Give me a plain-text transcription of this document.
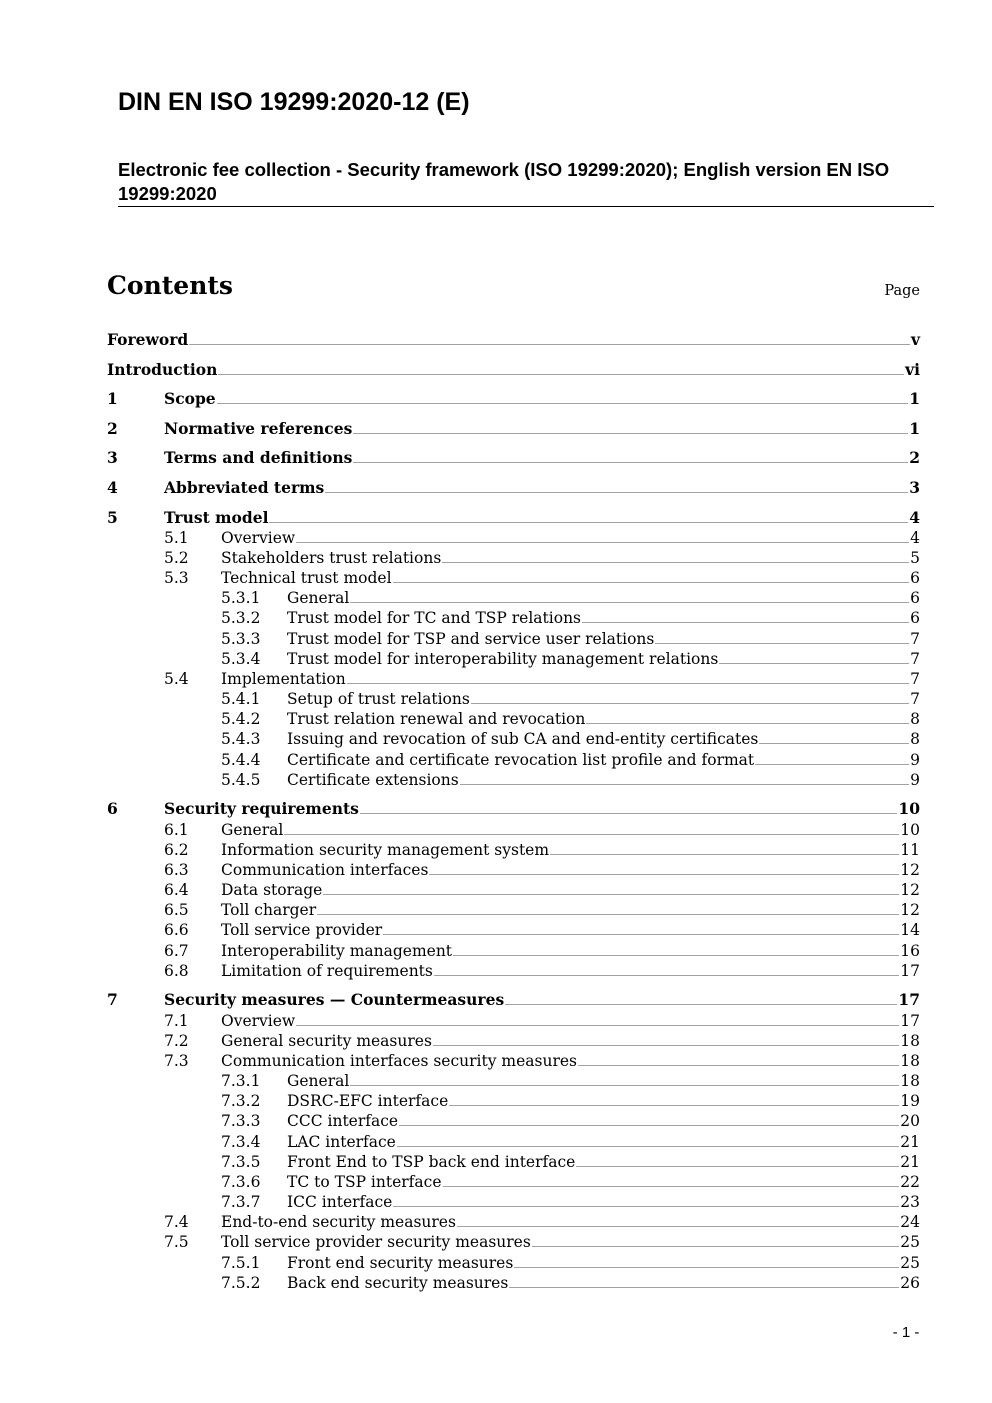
DIN EN ISO 19299:2020-12 (E)
Electronic fee collection - Security framework (ISO 19299:2020); English version EN ISO 19299:2020
Contents	Page
Foreword	v
Introduction	vi
1	Scope	1
2	Normative references	1
3	Terms and definitions	2
4	Abbreviated terms	3
5	Trust model	4
5.1 Overview	4
5.2 Stakeholders trust relations	5
5.3 Technical trust model	6
5.3.1 General	6
5.3.2 Trust model for TC and TSP relations	6
5.3.3 Trust model for TSP and service user relations	7
5.3.4 Trust model for interoperability management relations	7
5.4 Implementation	7
5.4.1 Setup of trust relations	7
5.4.2 Trust relation renewal and revocation	8
5.4.3 Issuing and revocation of sub CA and end-entity certificates	8
5.4.4 Certificate and certificate revocation list profile and format	9
5.4.5 Certificate extensions	9
6	Security requirements	10
6.1 General	10
6.2 Information security management system	11
6.3 Communication interfaces	12
6.4 Data storage	12
6.5 Toll charger	12
6.6 Toll service provider	14
6.7 Interoperability management	16
6.8 Limitation of requirements	17
7	Security measures — Countermeasures	17
7.1 Overview	17
7.2 General security measures	18
7.3 Communication interfaces security measures	18
7.3.1 General	18
7.3.2 DSRC-EFC interface	19
7.3.3 CCC interface	20
7.3.4 LAC interface	21
7.3.5 Front End to TSP back end interface	21
7.3.6 TC to TSP interface	22
7.3.7 ICC interface	23
7.4 End-to-end security measures	24
7.5 Toll service provider security measures	25
7.5.1 Front end security measures	25
7.5.2 Back end security measures	26
- 1 -
